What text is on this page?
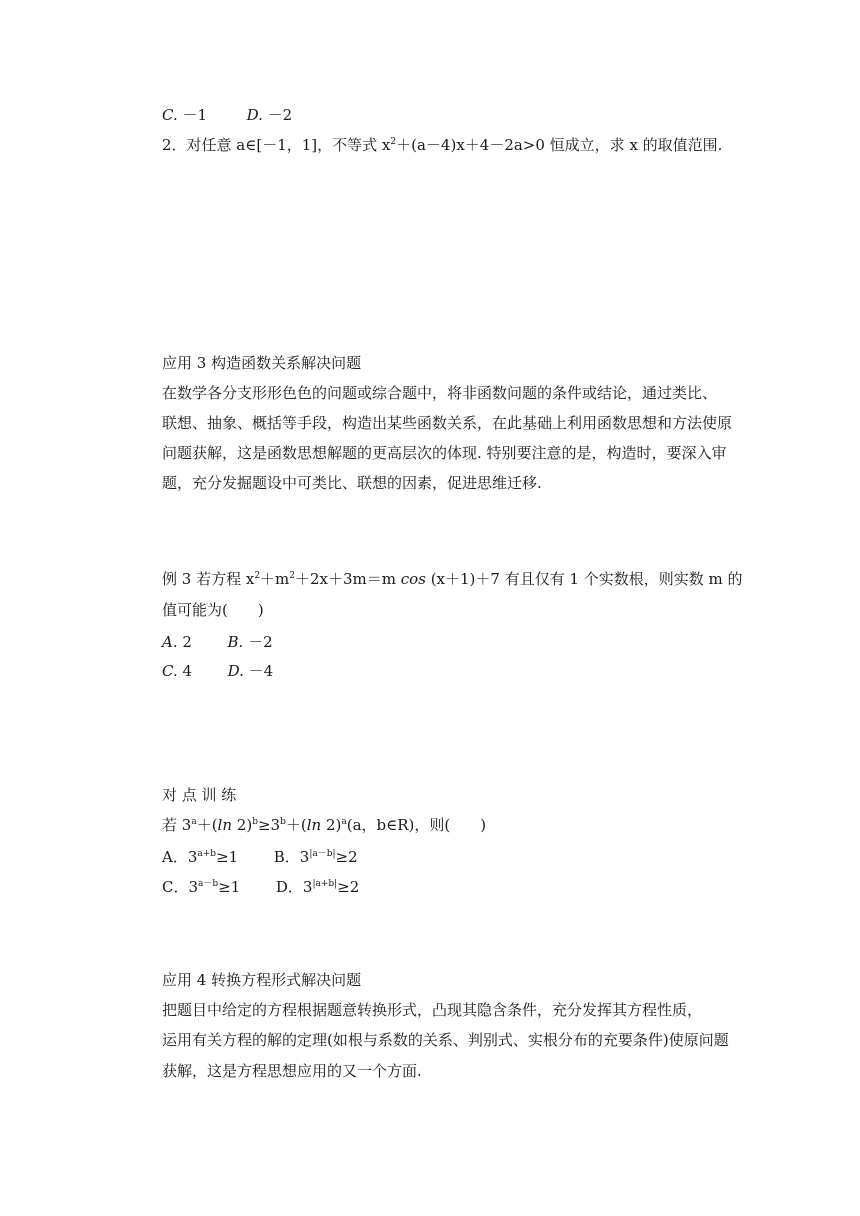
C. －1	D. －2
2．对任意 a∈[－1，1]，不等式 $x^2+(a-4)x+4-2a>0$ 恒成立，求 x 的取值范围.
应用 3 构造函数关系解决问题
在数学各分支形形色色的问题或综合题中，将非函数问题的条件或结论，通过类比、
联想、抽象、概括等手段，构造出某些函数关系，在此基础上利用函数思想和方法使原
问题获解，这是函数思想解题的更高层次的体现. 特别要注意的是，构造时，要深入审
题，充分发掘题设中可类比、联想的因素，促进思维迁移.
例 3 若方程 $x^2+m^2+2x+3m=m$ cos (x＋1)＋7 有且仅有 1 个实数根，则实数 m 的
值可能为(　　)
A. 2 B. －2
C. 4 D. －4
对 点 训 练
若 $3^a+(\ln$ $2)^b\ge 3^b+(\ln$ 2)$^a$(a，b∈R)，则(　　)
A．$3^{a+b}\ge 1$ B．$3^{|a-b|}\ge 2$
C．$3^{a-b}\ge 1$ D．$3^{|a+b|}\ge 2$
应用 4 转换方程形式解决问题
把题目中给定的方程根据题意转换形式，凸现其隐含条件，充分发挥其方程性质，
运用有关方程的解的定理(如根与系数的关系、判别式、实根分布的充要条件)使原问题
获解，这是方程思想应用的又一个方面.
